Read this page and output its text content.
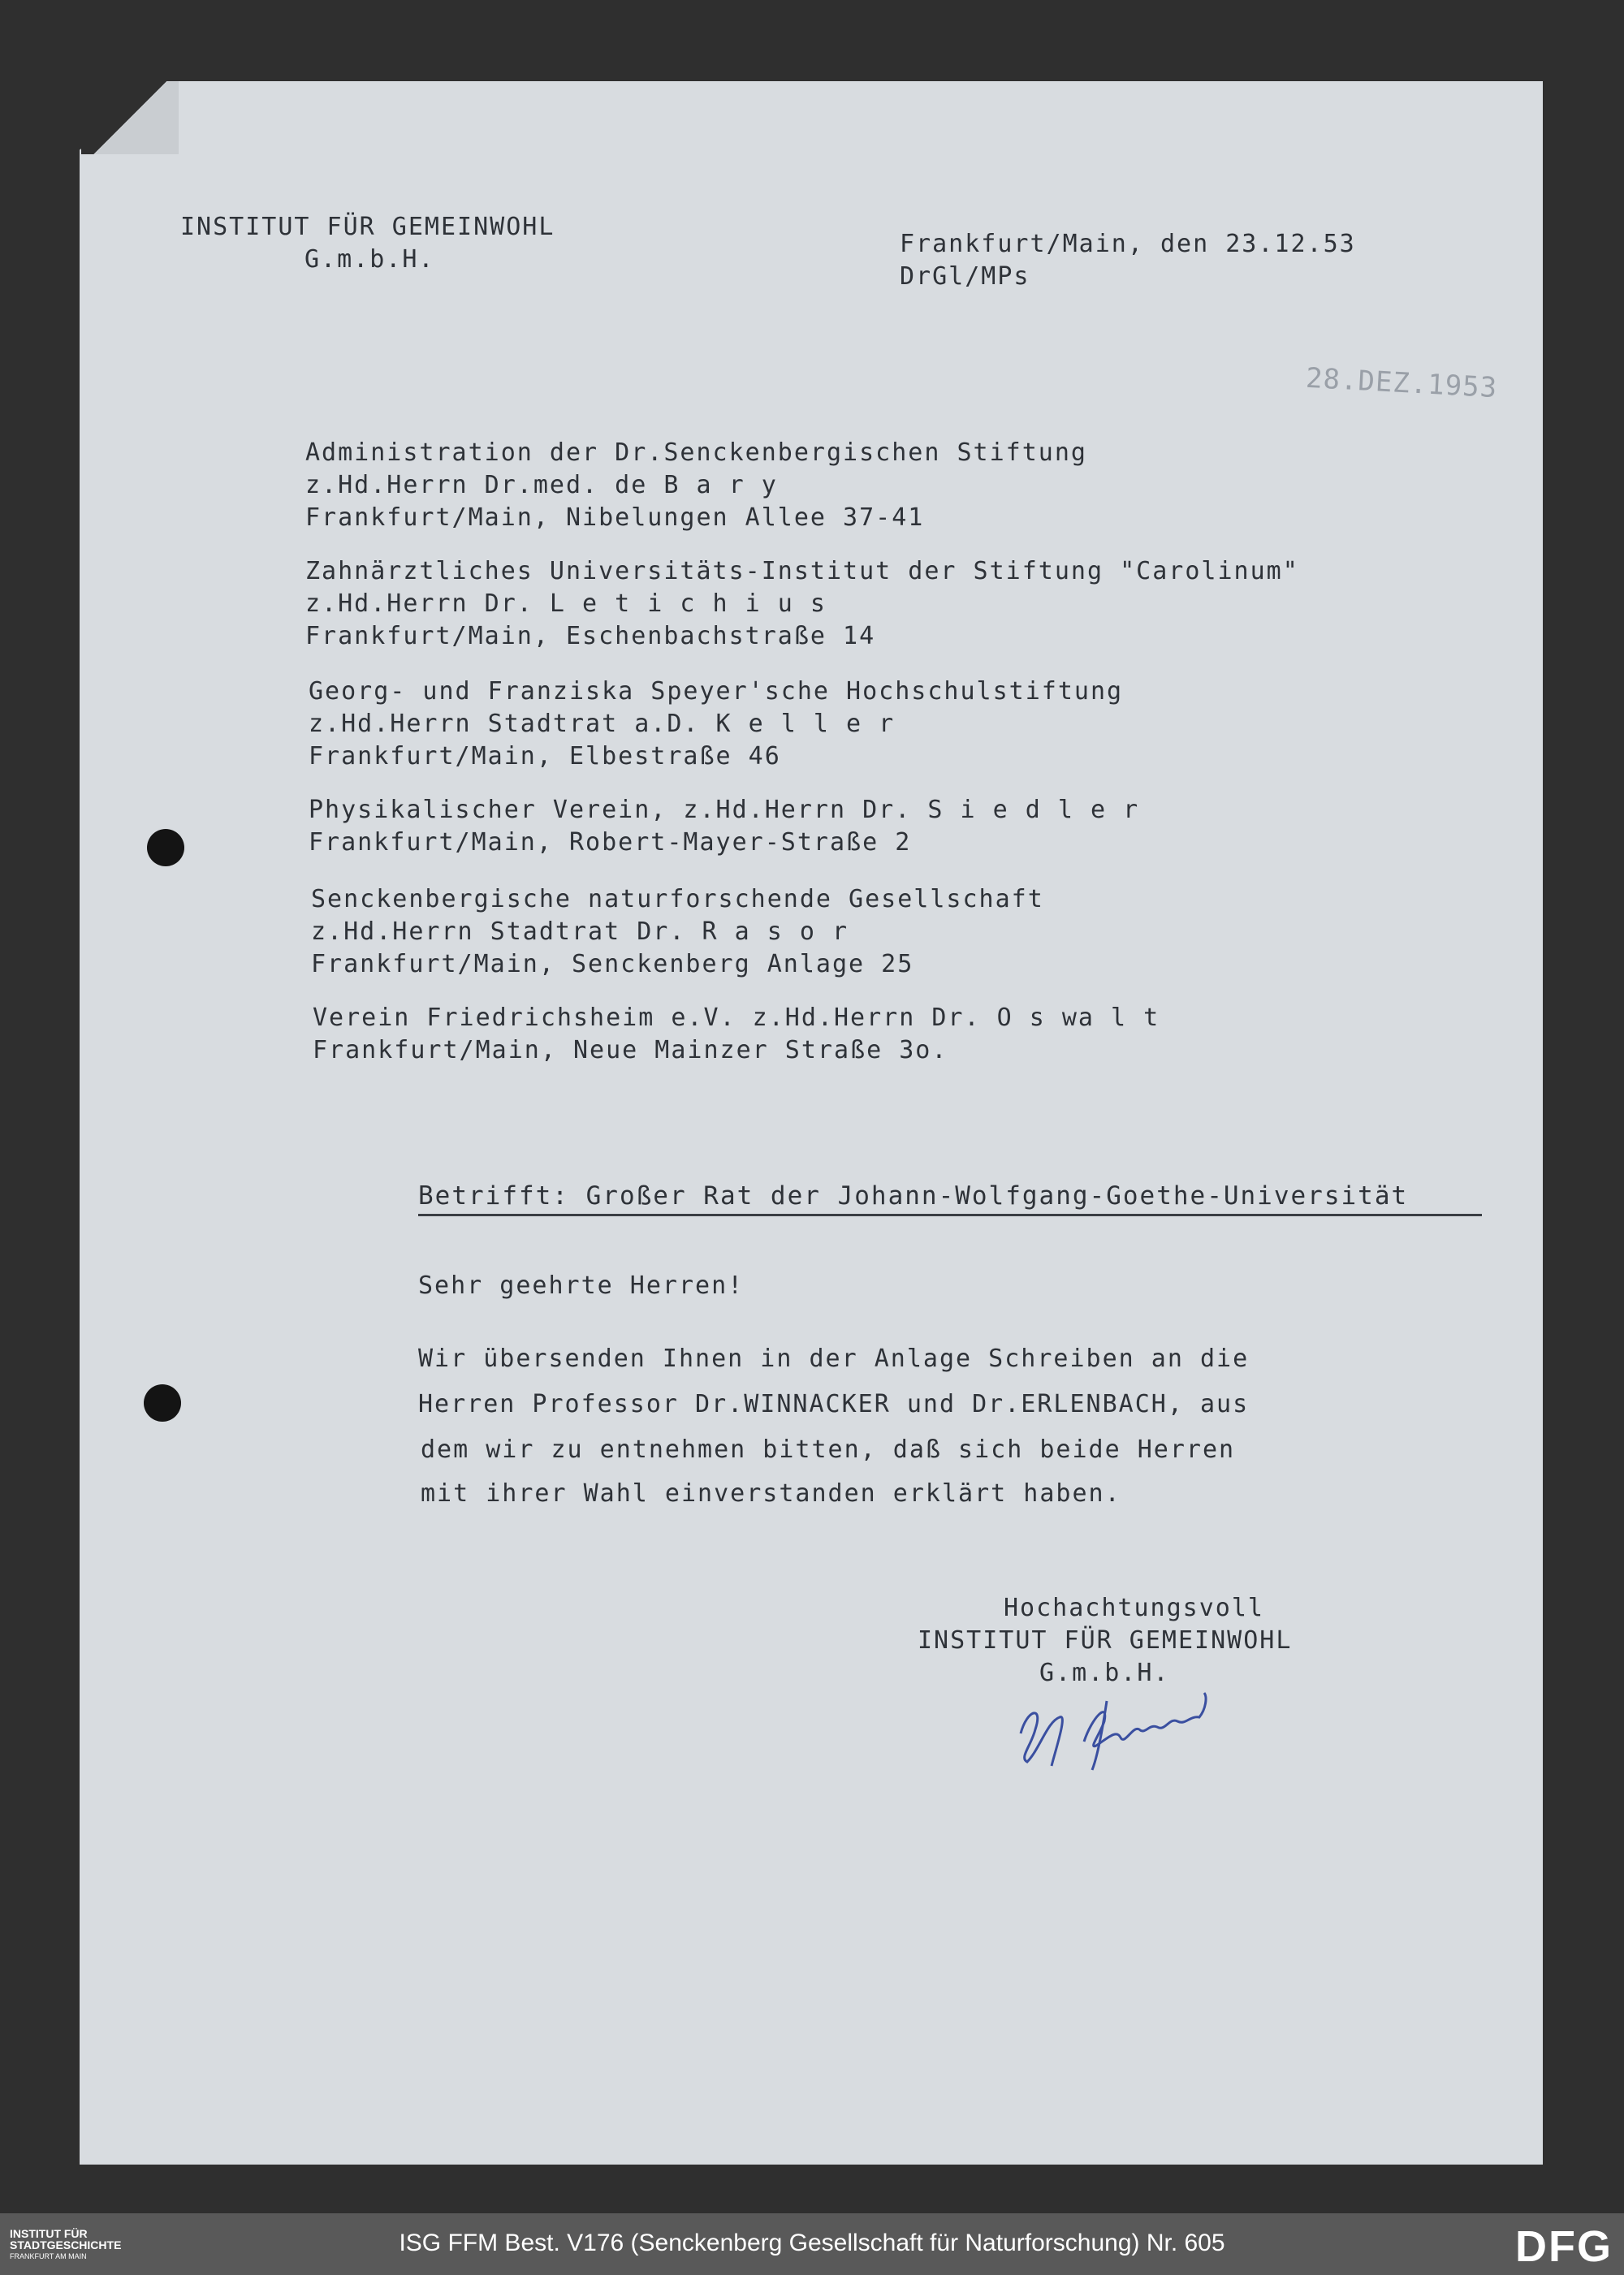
INSTITUT FÜR GEMEINWOHL
G.m.b.H.
Frankfurt/Main, den 23.12.53
DrGl/MPs
28.DEZ.1953
Administration der Dr.Senckenbergischen Stiftung
z.Hd.Herrn Dr.med. de B a r y
Frankfurt/Main, Nibelungen Allee 37-41
Zahnärztliches Universitäts-Institut der Stiftung "Carolinum"
z.Hd.Herrn Dr. L e t i c h i u s
Frankfurt/Main, Eschenbachstraße 14
Georg- und Franziska Speyer'sche Hochschulstiftung
z.Hd.Herrn Stadtrat a.D. K e l l e r
Frankfurt/Main, Elbestraße 46
Physikalischer Verein, z.Hd.Herrn Dr. S i e d l e r
Frankfurt/Main, Robert-Mayer-Straße 2
Senckenbergische naturforschende Gesellschaft
z.Hd.Herrn Stadtrat Dr. R a s o r
Frankfurt/Main, Senckenberg Anlage 25
Verein Friedrichsheim e.V. z.Hd.Herrn Dr. O s wa l t
Frankfurt/Main, Neue Mainzer Straße 3o.
Betrifft: Großer Rat der Johann-Wolfgang-Goethe-Universität
Sehr geehrte Herren!
Wir übersenden Ihnen in der Anlage Schreiben an die
Herren Professor Dr.WINNACKER und Dr.ERLENBACH, aus
dem wir zu entnehmen bitten, daß sich beide Herren
mit ihrer Wahl einverstanden erklärt haben.
Hochachtungsvoll
INSTITUT FÜR GEMEINWOHL
G.m.b.H.
INSTITUT FÜR
STADTGESCHICHTE
FRANKFURT AM MAIN	ISG FFM Best. V176 (Senckenberg Gesellschaft für Naturforschung) Nr. 605	DFG
